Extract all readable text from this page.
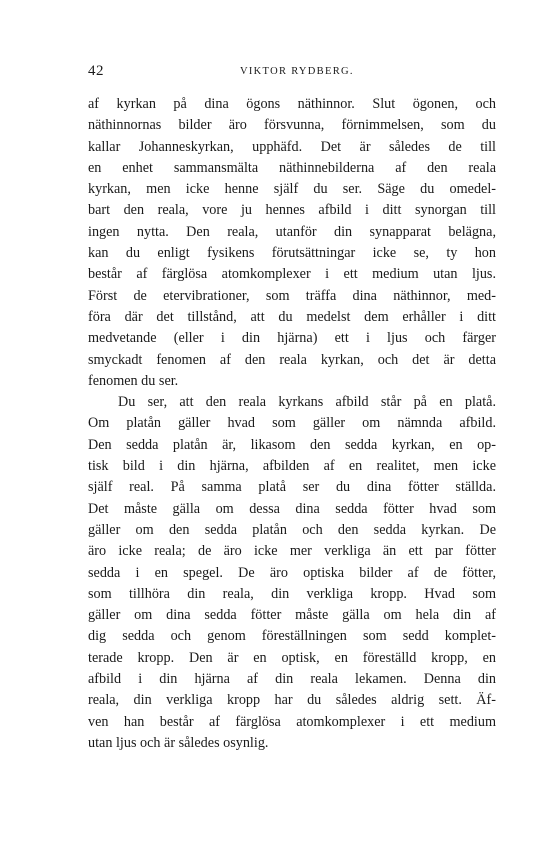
42	VIKTOR RYDBERG.
af kyrkan på dina ögons näthinnor. Slut ögonen, och
näthinnornas bilder äro försvunna, förnimmelsen, som du
kallar Johanneskyrkan, upphäfd. Det är således de till
en enhet sammansmälta näthinnebilderna af den reala
kyrkan, men icke henne själf du ser. Säge du omedel-
bart den reala, vore ju hennes afbild i ditt synorgan till
ingen nytta. Den reala, utanför din synapparat belägna,
kan du enligt fysikens förutsättningar icke se, ty hon
består af färglösa atomkomplexer i ett medium utan ljus.
Först de etervibrationer, som träffa dina näthinnor, med-
föra där det tillstånd, att du medelst dem erhåller i ditt
medvetande (eller i din hjärna) ett i ljus och färger
smyckadt fenomen af den reala kyrkan, och det är detta
fenomen du ser.
Du ser, att den reala kyrkans afbild står på en platå.
Om platån gäller hvad som gäller om nämnda afbild.
Den sedda platån är, likasom den sedda kyrkan, en op-
tisk bild i din hjärna, afbilden af en realitet, men icke
själf real. På samma platå ser du dina fötter ställda.
Det måste gälla om dessa dina sedda fötter hvad som
gäller om den sedda platån och den sedda kyrkan. De
äro icke reala; de äro icke mer verkliga än ett par fötter
sedda i en spegel. De äro optiska bilder af de fötter,
som tillhöra din reala, din verkliga kropp. Hvad som
gäller om dina sedda fötter måste gälla om hela din af
dig sedda och genom föreställningen som sedd komplet-
terade kropp. Den är en optisk, en föreställd kropp, en
afbild i din hjärna af din reala lekamen. Denna din
reala, din verkliga kropp har du således aldrig sett. Äf-
ven han består af färglösa atomkomplexer i ett medium
utan ljus och är således osynlig.
